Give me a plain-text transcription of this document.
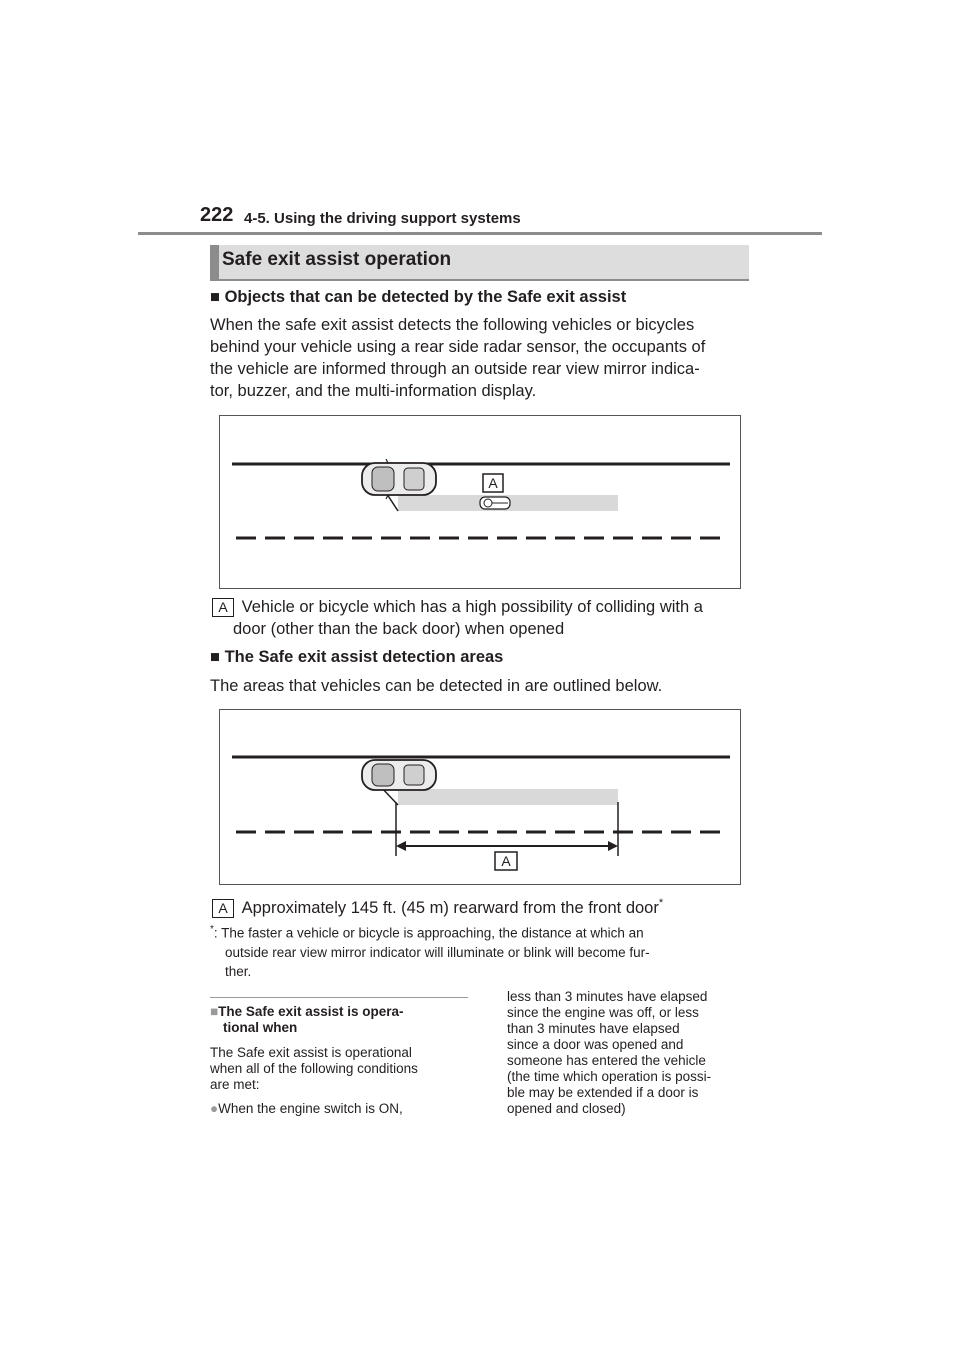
222 4-5. Using the driving support systems
Safe exit assist operation
■ Objects that can be detected by the Safe exit assist
When the safe exit assist detects the following vehicles or bicycles
behind your vehicle using a rear side radar sensor, the occupants of
the vehicle are informed through an outside rear view mirror indica-
tor, buzzer, and the multi-information display.
A
A Vehicle or bicycle which has a high possibility of colliding with a
door (other than the back door) when opened
■ The Safe exit assist detection areas
The areas that vehicles can be detected in are outlined below.
A
A Approximately 145 ft. (45 m) rearward from the front door*
*: The faster a vehicle or bicycle is approaching, the distance at which an
outside rear view mirror indicator will illuminate or blink will become fur-
ther.
■The Safe exit assist is opera-
tional when
The Safe exit assist is operational
when all of the following conditions
are met:
●When the engine switch is ON,
less than 3 minutes have elapsed
since the engine was off, or less
than 3 minutes have elapsed
since a door was opened and
someone has entered the vehicle
(the time which operation is possi-
ble may be extended if a door is
opened and closed)
